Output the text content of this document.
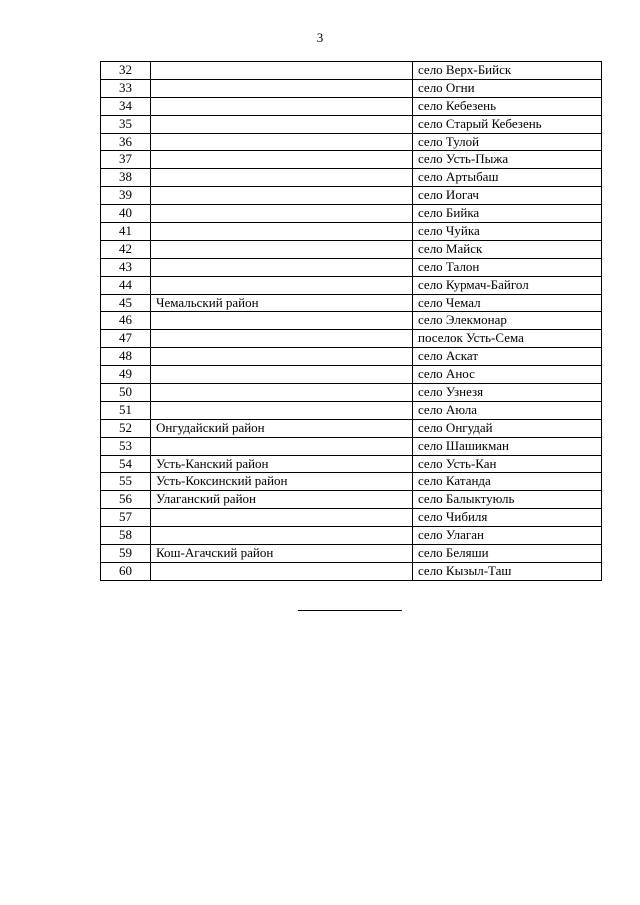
3
32		село Верх-Бийск
33		село Огни
34		село Кебезень
35		село Старый Кебезень
36		село Тулой
37		село Усть-Пыжа
38		село Артыбаш
39		село Иогач
40		село Бийка
41		село Чуйка
42		село Майск
43		село Талон
44		село Курмач-Байгол
45	Чемальский район	село Чемал
46		село Элекмонар
47		поселок Усть-Сема
48		село Аскат
49		село Анос
50		село Узнезя
51		село Аюла
52	Онгудайский район	село Онгудай
53		село Шашикман
54	Усть-Канский район	село Усть-Кан
55	Усть-Коксинский район	село Катанда
56	Улаганский район	село Балыктуюль
57		село Чибиля
58		село Улаган
59	Кош-Агачский район	село Беляши
60		село Кызыл-Таш
